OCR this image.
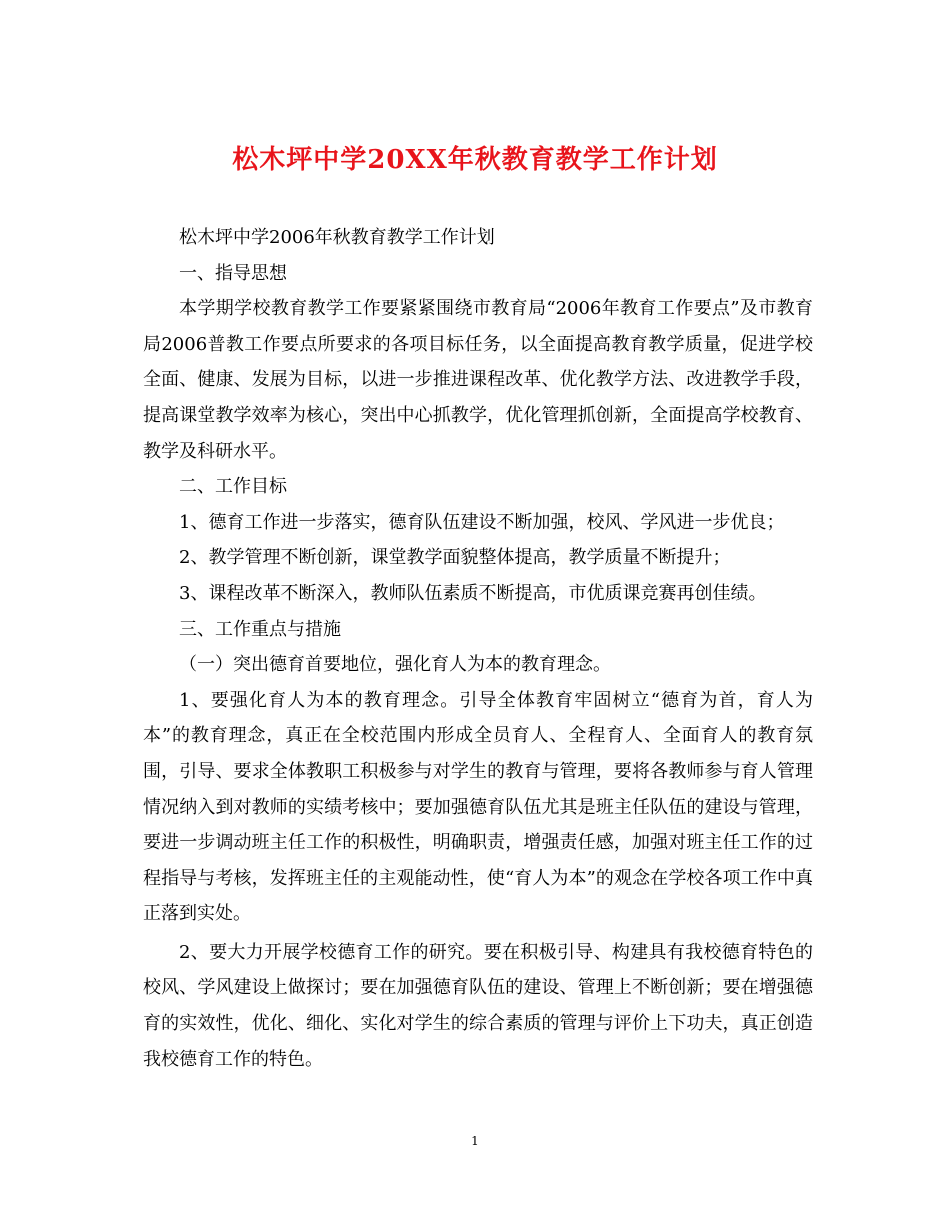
松木坪中学20XX年秋教育教学工作计划

松木坪中学2006年秋教育教学工作计划

一、指导思想

本学期学校教育教学工作要紧紧围绕市教育局“2006年教育工作要点”及市教育局2006普教工作要点所要求的各项目标任务，以全面提高教育教学质量，促进学校全面、健康、发展为目标，以进一步推进课程改革、优化教学方法、改进教学手段，提高课堂教学效率为核心，突出中心抓教学，优化管理抓创新，全面提高学校教育、教学及科研水平。

二、工作目标

1、德育工作进一步落实，德育队伍建设不断加强，校风、学风进一步优良；

2、教学管理不断创新，课堂教学面貌整体提高，教学质量不断提升；

3、课程改革不断深入，教师队伍素质不断提高，市优质课竞赛再创佳绩。

三、工作重点与措施

（一）突出德育首要地位，强化育人为本的教育理念。

1、要强化育人为本的教育理念。引导全体教育牢固树立“德育为首，育人为本”的教育理念，真正在全校范围内形成全员育人、全程育人、全面育人的教育氛围，引导、要求全体教职工积极参与对学生的教育与管理，要将各教师参与育人管理情况纳入到对教师的实绩考核中；要加强德育队伍尤其是班主任队伍的建设与管理，要进一步调动班主任工作的积极性，明确职责，增强责任感，加强对班主任工作的过程指导与考核，发挥班主任的主观能动性，使“育人为本”的观念在学校各项工作中真正落到实处。

2、要大力开展学校德育工作的研究。要在积极引导、构建具有我校德育特色的校风、学风建设上做探讨；要在加强德育队伍的建设、管理上不断创新；要在增强德育的实效性，优化、细化、实化对学生的综合素质的管理与评价上下功夫，真正创造我校德育工作的特色。

1
